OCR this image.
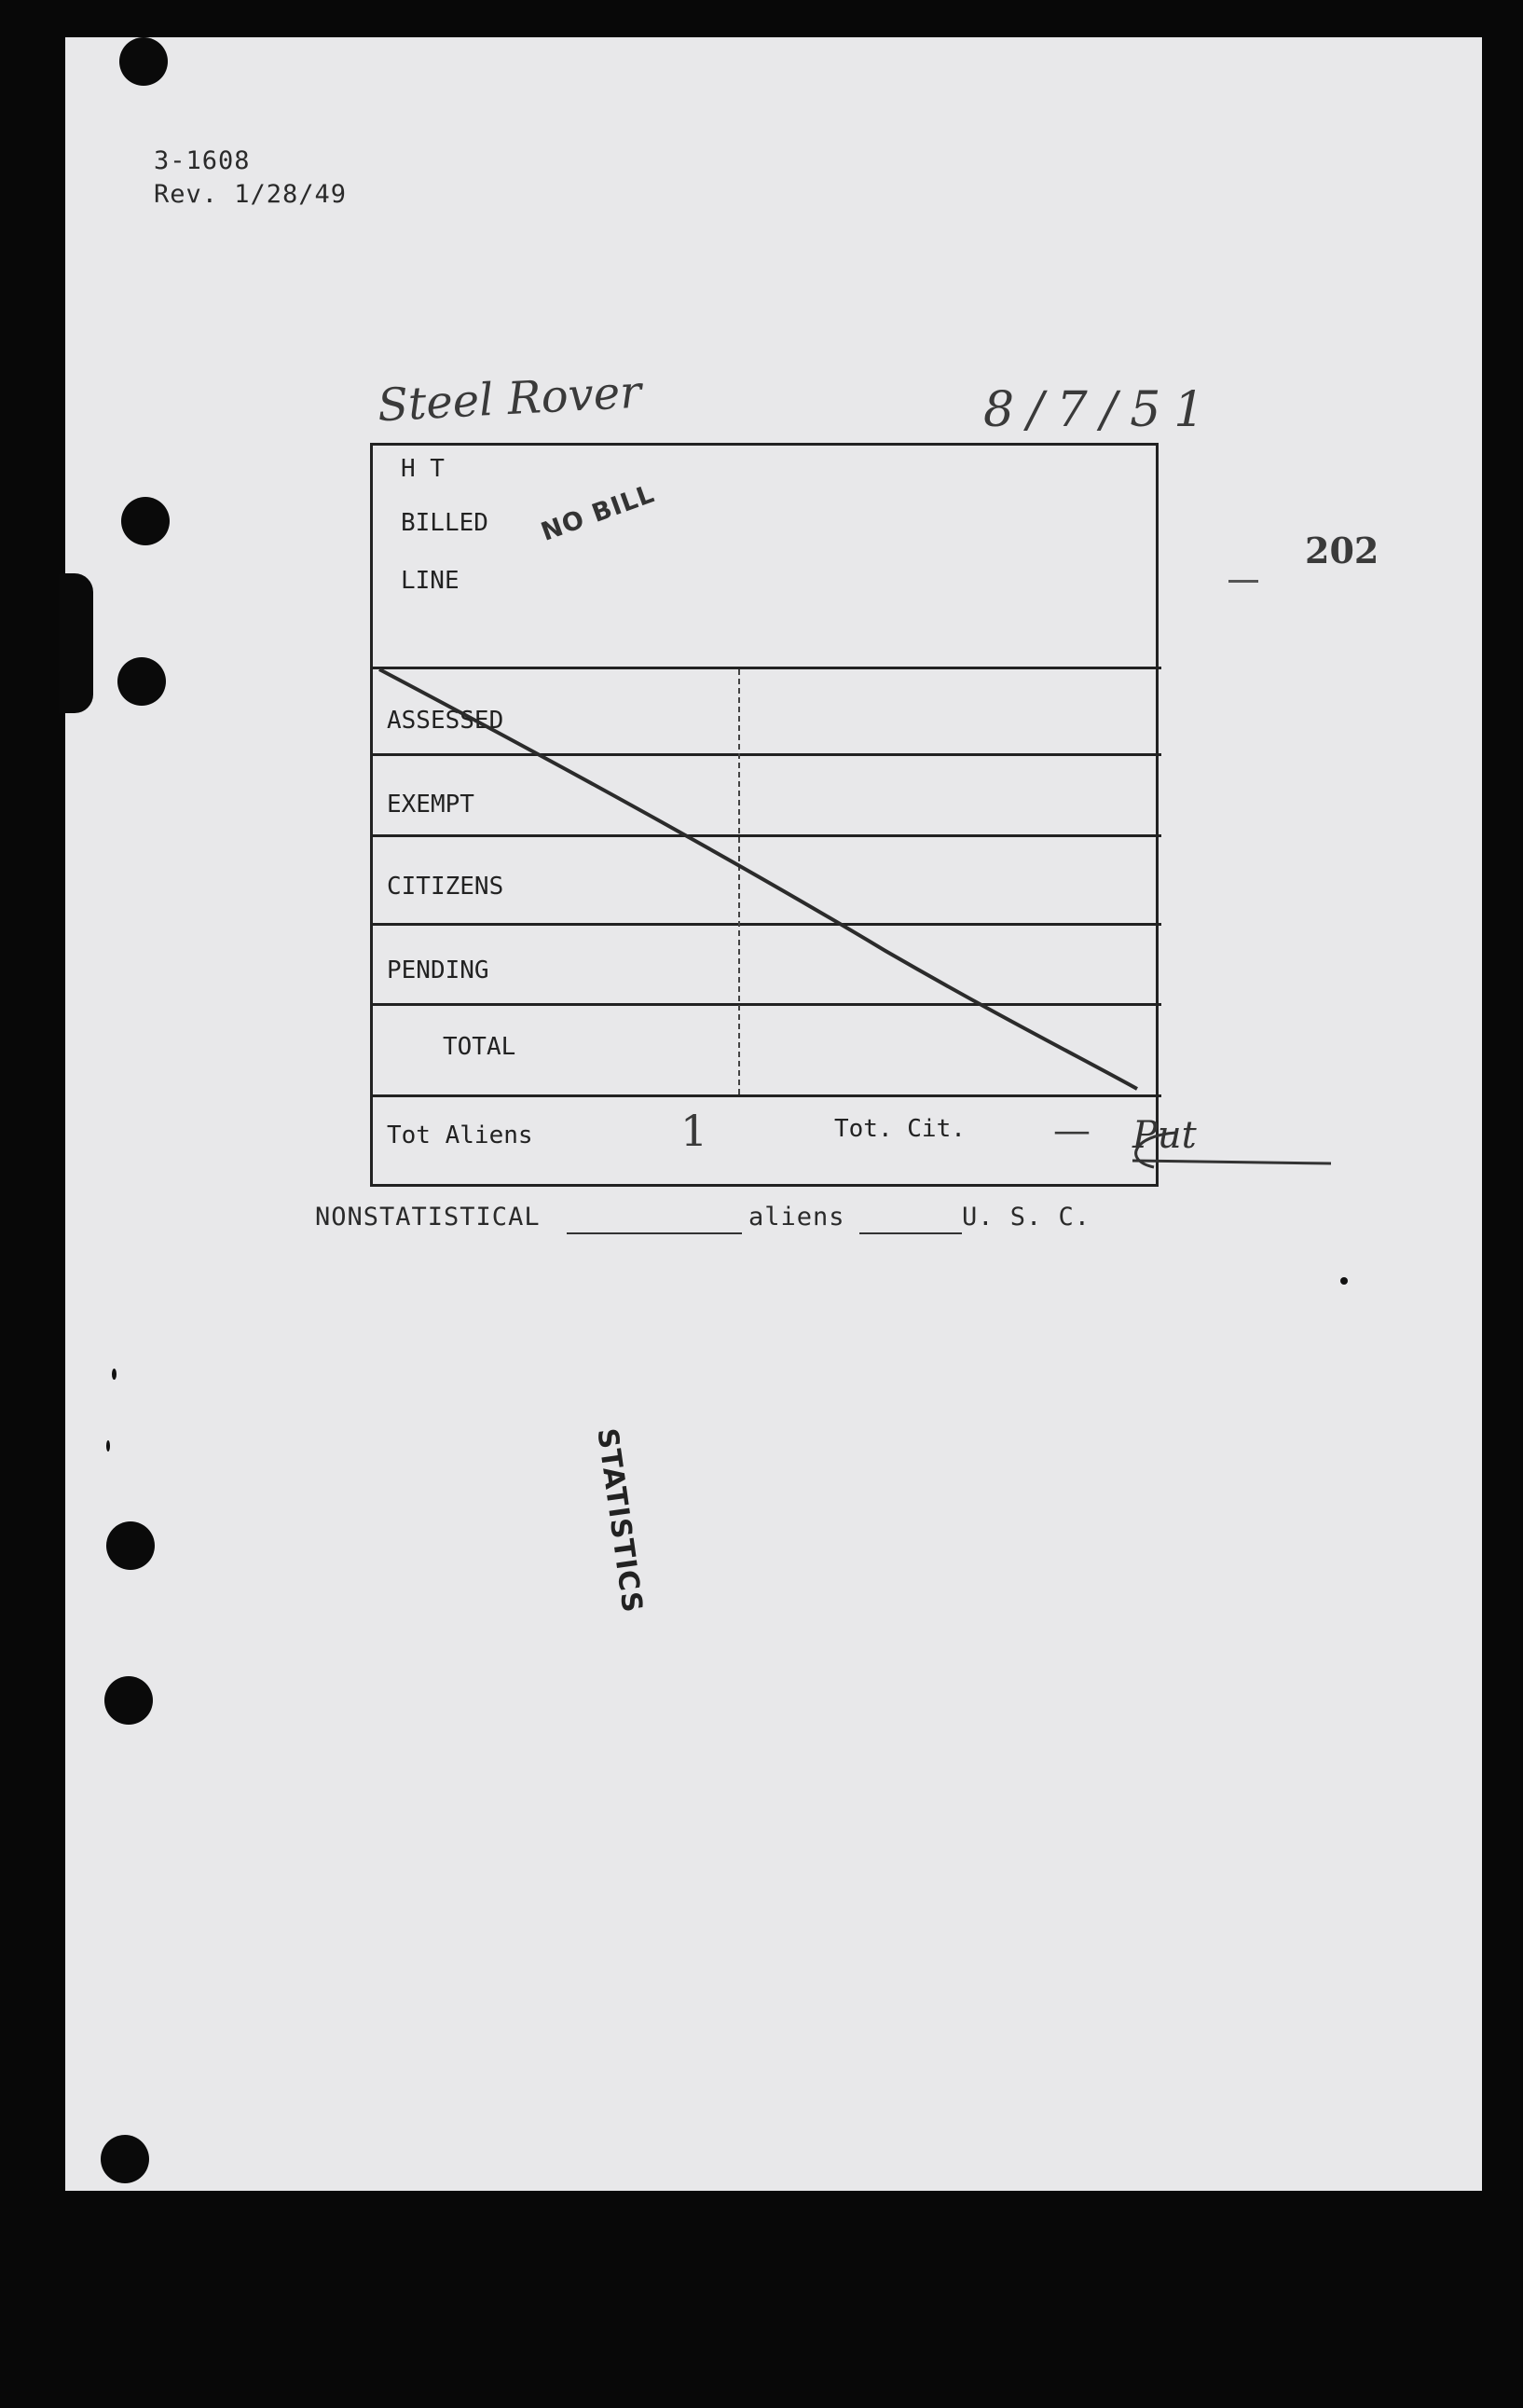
3-1608
Rev. 1/28/49
Steel Rover	8/7/51
202
H T
BILLED
LINE
ASSESSED
EXEMPT
CITIZENS
PENDING
TOTAL
Tot Aliens	1	Tot. Cit. —
NO BILL
Put
NONSTATISTICAL	aliens	U. S. C.
STATISTICS
